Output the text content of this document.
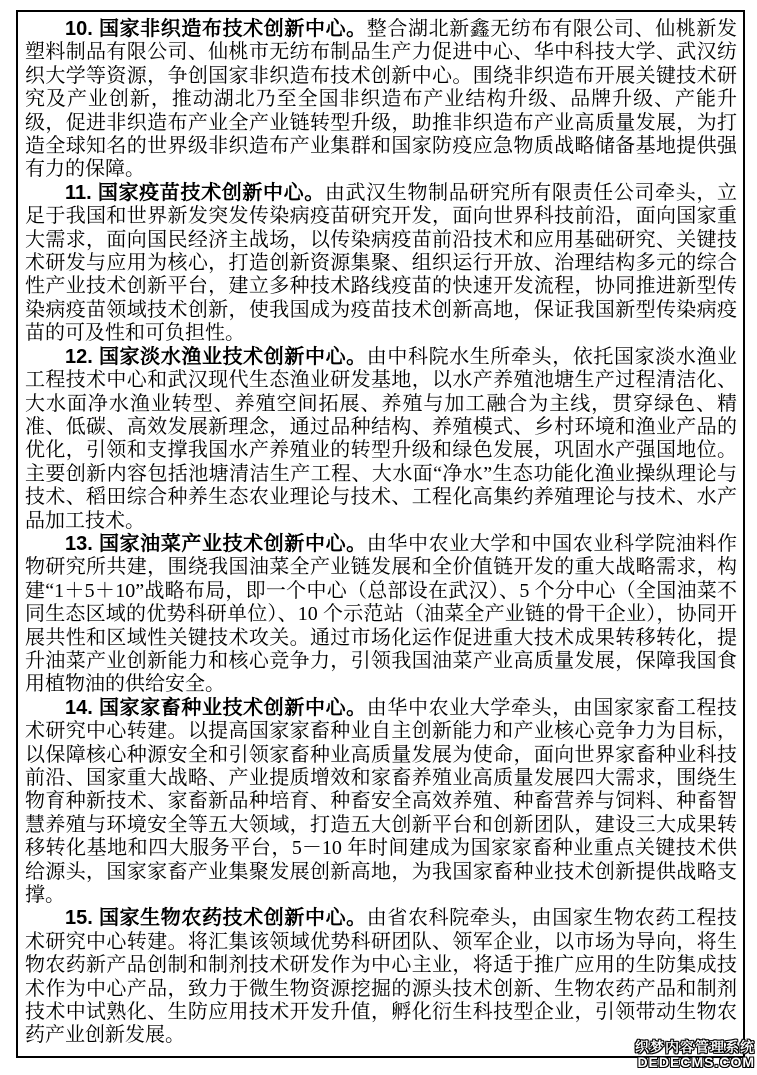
10. 国家非织造布技术创新中心。整合湖北新鑫无纺布有限公司、仙桃新发塑料制品有限公司、仙桃市无纺布制品生产力促进中心、华中科技大学、武汉纺织大学等资源，争创国家非织造布技术创新中心。围绕非织造布开展关键技术研究及产业创新，推动湖北乃至全国非织造布产业结构升级、品牌升级、产能升级，促进非织造布产业全产业链转型升级，助推非织造布产业高质量发展，为打造全球知名的世界级非织造布产业集群和国家防疫应急物质战略储备基地提供强有力的保障。

11. 国家疫苗技术创新中心。由武汉生物制品研究所有限责任公司牵头，立足于我国和世界新发突发传染病疫苗研究开发，面向世界科技前沿，面向国家重大需求，面向国民经济主战场，以传染病疫苗前沿技术和应用基础研究、关键技术研发与应用为核心，打造创新资源集聚、组织运行开放、治理结构多元的综合性产业技术创新平台，建立多种技术路线疫苗的快速开发流程，协同推进新型传染病疫苗领域技术创新，使我国成为疫苗技术创新高地，保证我国新型传染病疫苗的可及性和可负担性。

12. 国家淡水渔业技术创新中心。由中科院水生所牵头，依托国家淡水渔业工程技术中心和武汉现代生态渔业研发基地，以水产养殖池塘生产过程清洁化、大水面净水渔业转型、养殖空间拓展、养殖与加工融合为主线，贯穿绿色、精准、低碳、高效发展新理念，通过品种结构、养殖模式、乡村环境和渔业产品的优化，引领和支撑我国水产养殖业的转型升级和绿色发展，巩固水产强国地位。主要创新内容包括池塘清洁生产工程、大水面“净水”生态功能化渔业操纵理论与技术、稻田综合种养生态农业理论与技术、工程化高集约养殖理论与技术、水产品加工技术。

13. 国家油菜产业技术创新中心。由华中农业大学和中国农业科学院油料作物研究所共建，围绕我国油菜全产业链发展和全价值链开发的重大战略需求，构建“1＋5＋10”战略布局，即一个中心（总部设在武汉）、5 个分中心（全国油菜不同生态区域的优势科研单位）、10 个示范站（油菜全产业链的骨干企业），协同开展共性和区域性关键技术攻关。通过市场化运作促进重大技术成果转移转化，提升油菜产业创新能力和核心竞争力，引领我国油菜产业高质量发展，保障我国食用植物油的供给安全。

14. 国家家畜种业技术创新中心。由华中农业大学牵头，由国家家畜工程技术研究中心转建。以提高国家家畜种业自主创新能力和产业核心竞争力为目标，以保障核心种源安全和引领家畜种业高质量发展为使命，面向世界家畜种业科技前沿、国家重大战略、产业提质增效和家畜养殖业高质量发展四大需求，围绕生物育种新技术、家畜新品种培育、种畜安全高效养殖、种畜营养与饲料、种畜智慧养殖与环境安全等五大领域，打造五大创新平台和创新团队，建设三大成果转移转化基地和四大服务平台，5－10 年时间建成为国家家畜种业重点关键技术供给源头，国家家畜产业集聚发展创新高地，为我国家畜种业技术创新提供战略支撑。

15. 国家生物农药技术创新中心。由省农科院牵头，由国家生物农药工程技术研究中心转建。将汇集该领域优势科研团队、领军企业，以市场为导向，将生物农药新产品创制和制剂技术研发作为中心主业，将适于推广应用的生防集成技术作为中心产品，致力于微生物资源挖掘的源头技术创新、生物农药产品和制剂技术中试熟化、生防应用技术开发升值，孵化衍生科技型企业，引领带动生物农药产业创新发展。

织梦内容管理系统
DEDECMS.COM
